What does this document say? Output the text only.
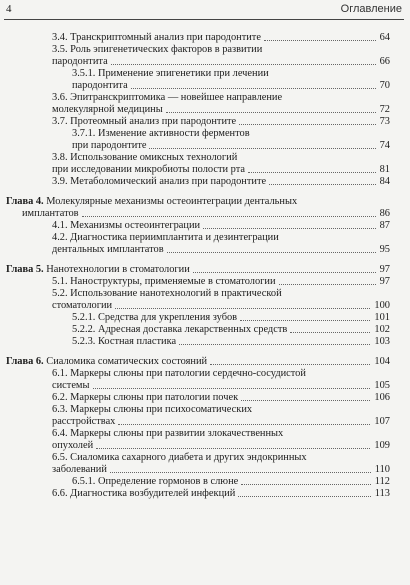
4	Оглавление
3.4. Транскриптомный анализ при пародонтите	64
3.5. Роль эпигенетических факторов в развитии
пародонтита	66
3.5.1. Применение эпигенетики при лечении
пародонтита	70
3.6. Эпитранскриптомика — новейшее направление
молекулярной медицины	72
3.7. Протеомный анализ при пародонтите	73
3.7.1. Изменение активности ферментов
при пародонтите	74
3.8. Использование омиксных технологий
при исследовании микробиоты полости рта	81
3.9. Метаболомический анализ при пародонтите	84
Глава 4. Молекулярные механизмы остеоинтеграции дентальных
имплантатов	86
4.1. Механизмы остеоинтеграции	87
4.2. Диагностика периимплантита и дезинтеграции
дентальных имплантатов	95
Глава 5. Нанотехнологии в стоматологии	97
5.1. Наноструктуры, применяемые в стоматологии	97
5.2. Использование нанотехнологий в практической
стоматологии	100
5.2.1. Средства для укрепления зубов	101
5.2.2. Адресная доставка лекарственных средств	102
5.2.3. Костная пластика	103
Глава 6. Сиаломика соматических состояний	104
6.1. Маркеры слюны при патологии сердечно-сосудистой
системы	105
6.2. Маркеры слюны при патологии почек	106
6.3. Маркеры слюны при психосоматических
расстройствах	107
6.4. Маркеры слюны при развитии злокачественных
опухолей	109
6.5. Сиаломика сахарного диабета и других эндокринных
заболеваний	110
6.5.1. Определение гормонов в слюне	112
6.6. Диагностика возбудителей инфекций	113
